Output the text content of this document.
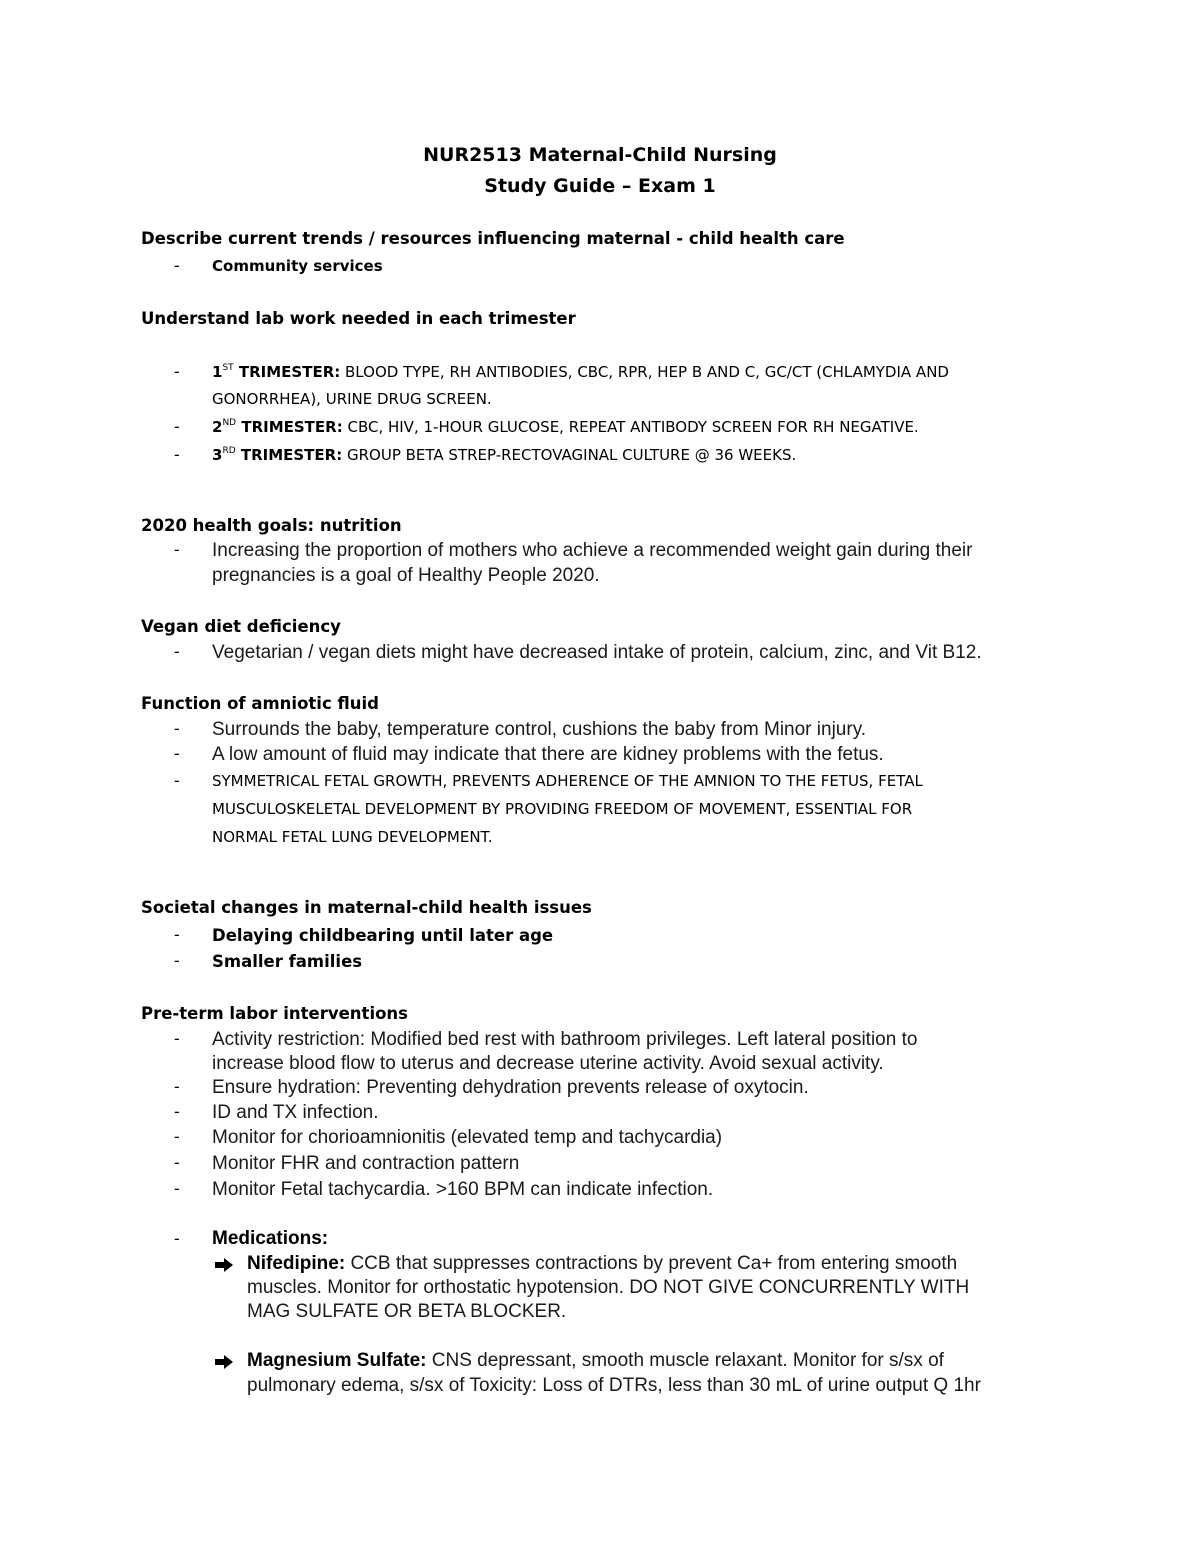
NUR2513 Maternal-Child Nursing
Study Guide – Exam 1
Describe current trends / resources influencing maternal - child health care
- Community services
Understand lab work needed in each trimester
- 1ST TRIMESTER: BLOOD TYPE, RH ANTIBODIES, CBC, RPR, HEP B AND C, GC/CT (CHLAMYDIA AND
GONORRHEA), URINE DRUG SCREEN.
- 2ND TRIMESTER: CBC, HIV, 1-HOUR GLUCOSE, REPEAT ANTIBODY SCREEN FOR RH NEGATIVE.
- 3RD TRIMESTER: GROUP BETA STREP-RECTOVAGINAL CULTURE @ 36 WEEKS.
2020 health goals: nutrition
- Increasing the proportion of mothers who achieve a recommended weight gain during their
pregnancies is a goal of Healthy People 2020.
Vegan diet deficiency
- Vegetarian / vegan diets might have decreased intake of protein, calcium, zinc, and Vit B12.
Function of amniotic fluid
- Surrounds the baby, temperature control, cushions the baby from Minor injury.
- A low amount of fluid may indicate that there are kidney problems with the fetus.
- SYMMETRICAL FETAL GROWTH, PREVENTS ADHERENCE OF THE AMNION TO THE FETUS, FETAL
MUSCULOSKELETAL DEVELOPMENT BY PROVIDING FREEDOM OF MOVEMENT, ESSENTIAL FOR
NORMAL FETAL LUNG DEVELOPMENT.
Societal changes in maternal-child health issues
- Delaying childbearing until later age
- Smaller families
Pre-term labor interventions
- Activity restriction: Modified bed rest with bathroom privileges. Left lateral position to
increase blood flow to uterus and decrease uterine activity. Avoid sexual activity.
- Ensure hydration: Preventing dehydration prevents release of oxytocin.
- ID and TX infection.
- Monitor for chorioamnionitis (elevated temp and tachycardia)
- Monitor FHR and contraction pattern
- Monitor Fetal tachycardia. >160 BPM can indicate infection.
- Medications:
Nifedipine: CCB that suppresses contractions by prevent Ca+ from entering smooth
muscles. Monitor for orthostatic hypotension. DO NOT GIVE CONCURRENTLY WITH
MAG SULFATE OR BETA BLOCKER.
Magnesium Sulfate: CNS depressant, smooth muscle relaxant. Monitor for s/sx of
pulmonary edema, s/sx of Toxicity: Loss of DTRs, less than 30 mL of urine output Q 1hr
